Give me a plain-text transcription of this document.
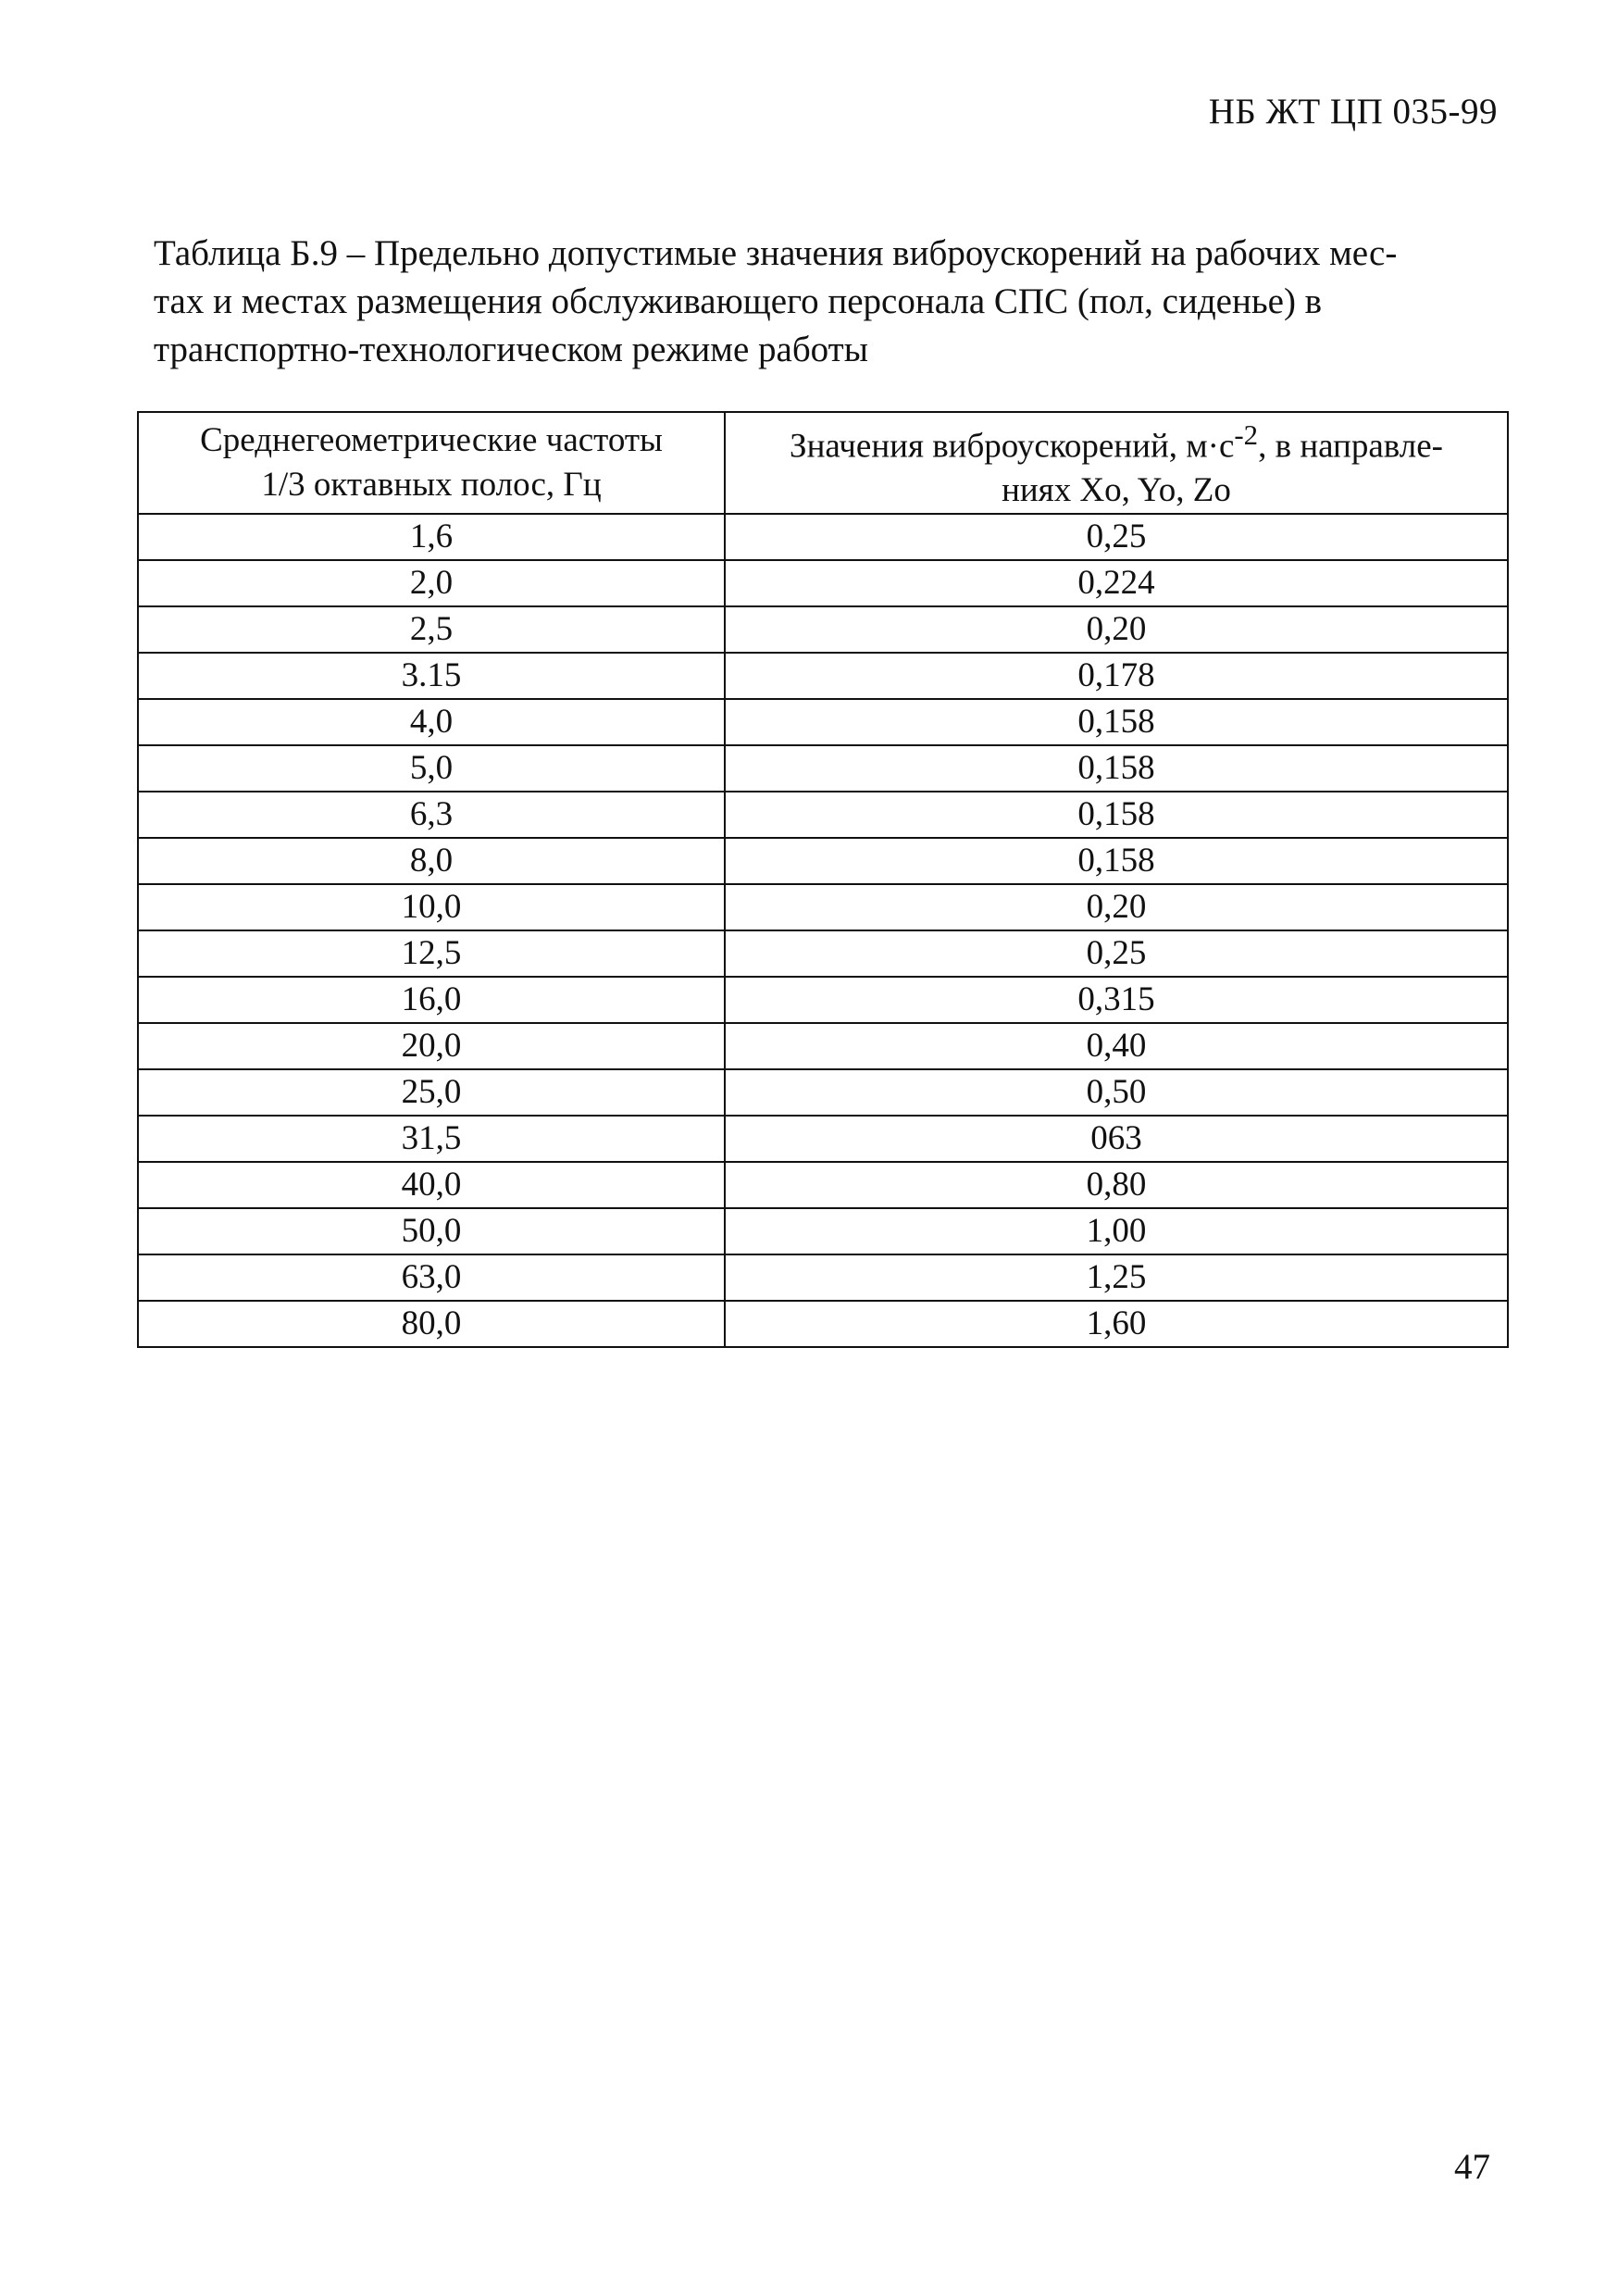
НБ ЖТ ЦП 035-99
Таблица Б.9 – Предельно допустимые значения виброускорений на рабочих мес-
тах и местах размещения обслуживающего персонала СПС (пол, сиденье) в
транспортно-технологическом режиме работы
Среднегеометрические частоты
1/3 октавных полос, Гц	Значения виброускорений, $м\cdot с^{-2}$, в направле-
ниях Xo, Yo, Zo
1,6	0,25
2,0	0,224
2,5	0,20
3.15	0,178
4,0	0,158
5,0	0,158
6,3	0,158
8,0	0,158
10,0	0,20
12,5	0,25
16,0	0,315
20,0	0,40
25,0	0,50
31,5	063
40,0	0,80
50,0	1,00
63,0	1,25
80,0	1,60
47
